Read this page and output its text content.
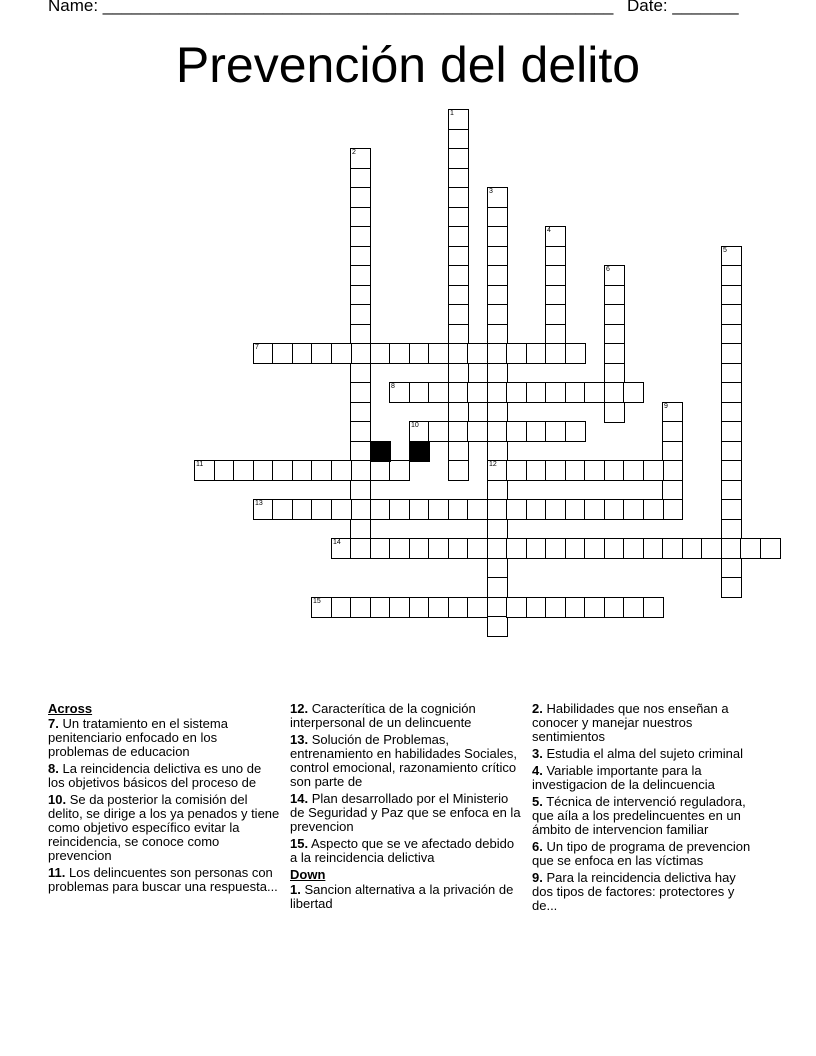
Name: ______________________________________________________ Date: _______
Prevención del delito
1
2
3
12
4
5
6
7
8
9
10
11
13
14
15
Across
7. Un tratamiento en el sistema penitenciario enfocado en los problemas de educacion
8. La reincidencia delictiva es uno de los objetivos básicos del proceso de
10. Se da posterior la comisión del delito, se dirige a los ya penados y tiene como objetivo específico evitar la reincidencia, se conoce como prevencion
11. Los delincuentes son personas con problemas para buscar una respuesta...
12. Caracterítica de la cognición interpersonal de un delincuente
13. Solución de Problemas, entrenamiento en habilidades Sociales, control emocional, razonamiento crítico son parte de
14. Plan desarrollado por el Ministerio de Seguridad y Paz que se enfoca en la prevencion
15. Aspecto que se ve afectado debido a la reincidencia delictiva
Down
1. Sancion alternativa a la privación de libertad
2. Habilidades que nos enseñan a conocer y manejar nuestros sentimientos
3. Estudia el alma del sujeto criminal
4. Variable importante para la investigacion de la delincuencia
5. Técnica de intervenció reguladora, que aíla a los predelincuentes en un ámbito de intervencion familiar
6. Un tipo de programa de prevencion que se enfoca en las víctimas
9. Para la reincidencia delictiva hay dos tipos de factores: protectores y de...
